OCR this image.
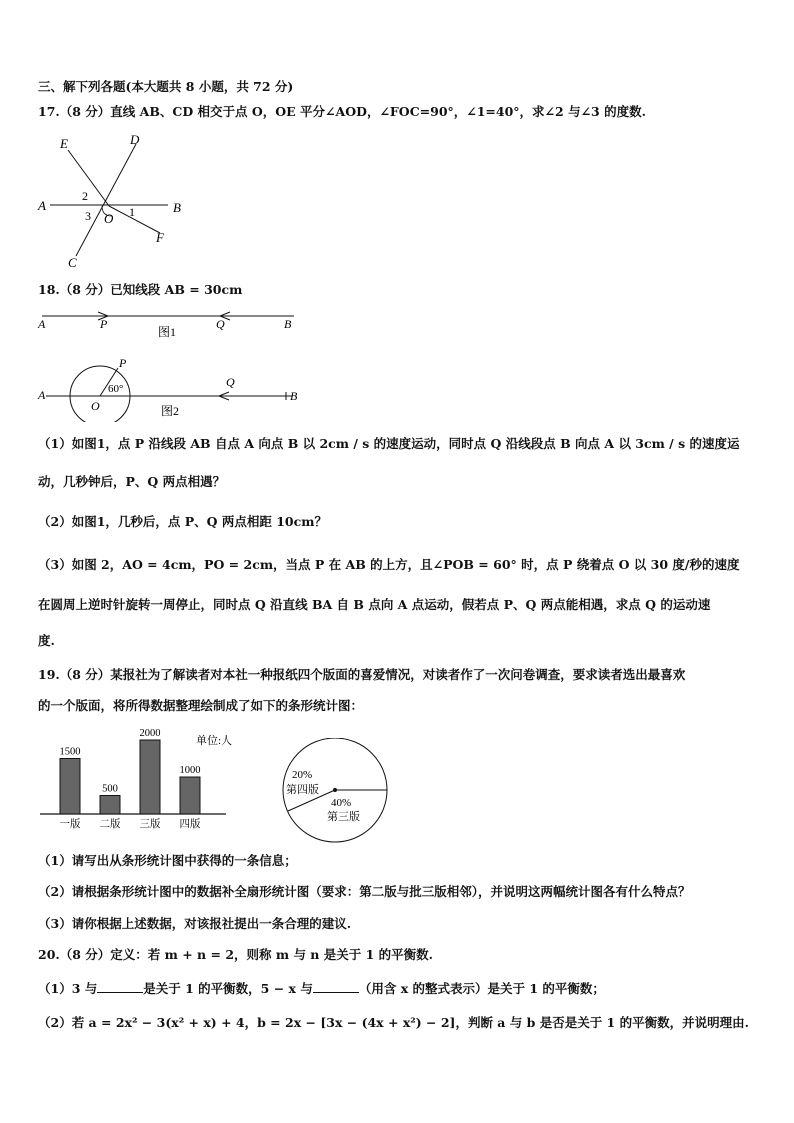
三、解下列各题(本大题共 8 小题，共 72 分)
17.（8 分）直线 AB、CD 相交于点 O，OE 平分∠AOD，∠FOC=90°，∠1=40°，求∠2 与∠3 的度数.
E	D
A	B
C
F
O 1
2
3
18.（8 分）已知线段 AB = 30cm
A	P	Q	B
图1
A
O
P
Q
B
60°
图2
（1）如图1，点 P 沿线段 AB 自点 A 向点 B 以 2cm / s 的速度运动，同时点 Q 沿线段点 B 向点 A 以 3cm / s 的速度运
动，几秒钟后，P、Q 两点相遇？
（2）如图1，几秒后，点 P、Q 两点相距 10cm？
（3）如图 2，AO = 4cm，PO = 2cm，当点 P 在 AB 的上方，且∠POB = 60° 时，点 P 绕着点 O 以 30 度/秒的速度
在圆周上逆时针旋转一周停止，同时点 Q 沿直线 BA 自 B 点向 A 点运动，假若点 P、Q 两点能相遇，求点 Q 的运动速
度.
19.（8 分）某报社为了解读者对本社一种报纸四个版面的喜爱情况，对读者作了一次问卷调查，要求读者选出最喜欢
的一个版面，将所得数据整理绘制成了如下的条形统计图：
单位:人
1500
一版
500
二版
2000
三版
1000
四版
20%
第四版
40%
第三版
（1）请写出从条形统计图中获得的一条信息；
（2）请根据条形统计图中的数据补全扇形统计图（要求：第二版与批三版相邻），并说明这两幅统计图各有什么特点？
（3）请你根据上述数据，对该报社提出一条合理的建议.
20.（8 分）定义：若 m + n = 2，则称 m 与 n 是关于 1 的平衡数.
（1）3 与	是关于 1 的平衡数，5 − x 与	（用含 x 的整式表示）是关于 1 的平衡数；
（2）若 a = 2x² − 3(x² + x) + 4，b = 2x − [3x − (4x + x²) − 2]，判断 a 与 b 是否是关于 1 的平衡数，并说明理由.
